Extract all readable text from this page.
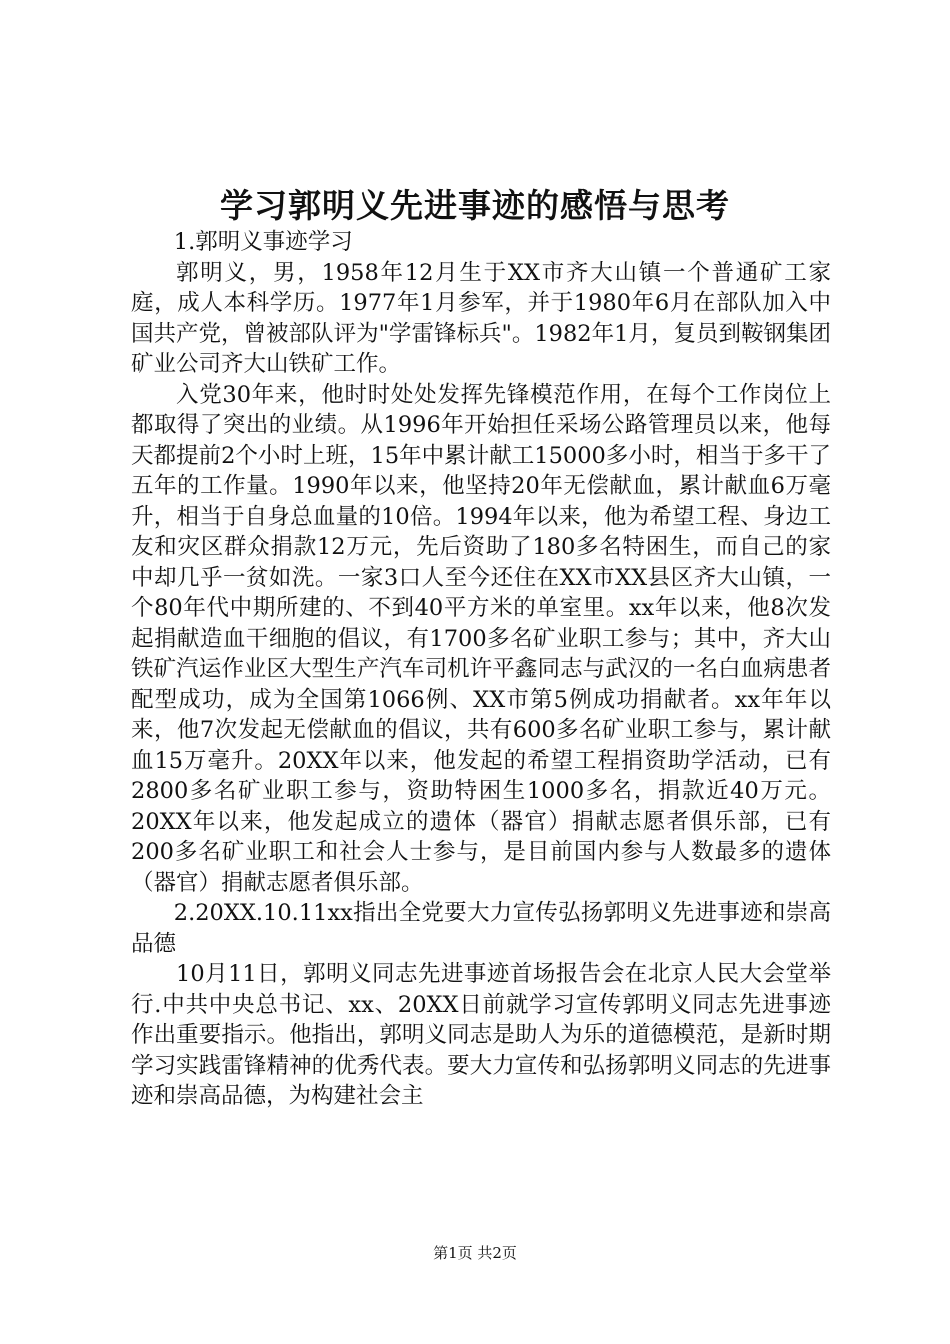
学习郭明义先进事迹的感悟与思考

1.郭明义事迹学习

郭明义，男，1958年12月生于XX市齐大山镇一个普通矿工家庭，成人本科学历。1977年1月参军，并于1980年6月在部队加入中国共产党，曾被部队评为"学雷锋标兵"。1982年1月，复员到鞍钢集团矿业公司齐大山铁矿工作。

入党30年来，他时时处处发挥先锋模范作用，在每个工作岗位上都取得了突出的业绩。从1996年开始担任采场公路管理员以来，他每天都提前2个小时上班，15年中累计献工15000多小时，相当于多干了五年的工作量。1990年以来，他坚持20年无偿献血，累计献血6万毫升，相当于自身总血量的10倍。1994年以来，他为希望工程、身边工友和灾区群众捐款12万元，先后资助了180多名特困生，而自己的家中却几乎一贫如洗。一家3口人至今还住在XX市XX县区齐大山镇，一个80年代中期所建的、不到40平方米的单室里。xx年以来，他8次发起捐献造血干细胞的倡议，有1700多名矿业职工参与；其中，齐大山铁矿汽运作业区大型生产汽车司机许平鑫同志与武汉的一名白血病患者配型成功，成为全国第1066例、XX市第5例成功捐献者。xx年年以来，他7次发起无偿献血的倡议，共有600多名矿业职工参与，累计献血15万毫升。20XX年以来，他发起的希望工程捐资助学活动，已有2800多名矿业职工参与，资助特困生1000多名，捐款近40万元。20XX年以来，他发起成立的遗体（器官）捐献志愿者俱乐部，已有200多名矿业职工和社会人士参与，是目前国内参与人数最多的遗体（器官）捐献志愿者俱乐部。

2.20XX.10.11xx指出全党要大力宣传弘扬郭明义先进事迹和崇高品德

10月11日，郭明义同志先进事迹首场报告会在北京人民大会堂举行.中共中央总书记、xx、20XX日前就学习宣传郭明义同志先进事迹作出重要指示。他指出，郭明义同志是助人为乐的道德模范，是新时期学习实践雷锋精神的优秀代表。要大力宣传和弘扬郭明义同志的先进事迹和崇高品德，为构建社会主

第1页 共2页
